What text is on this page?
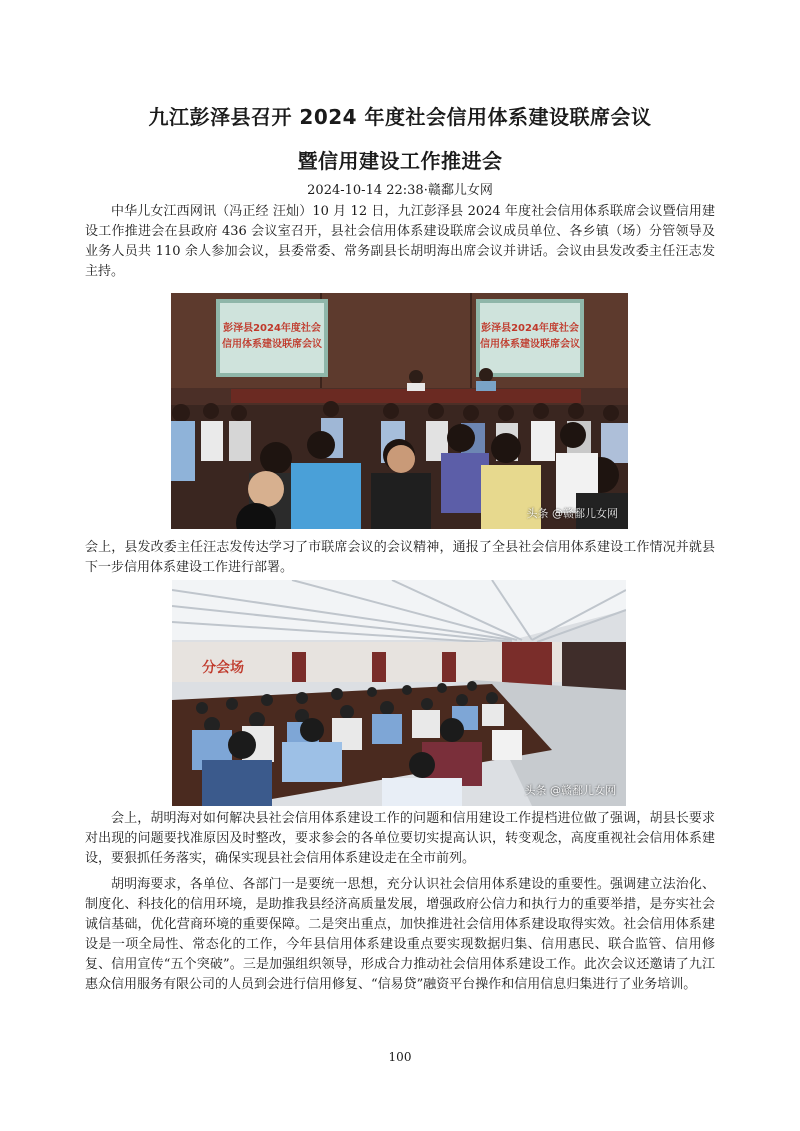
九江彭泽县召开 2024 年度社会信用体系建设联席会议
暨信用建设工作推进会
2024-10-14 22:38·赣鄱儿女网

中华儿女江西网讯（冯正经 汪灿）10 月 12 日，九江彭泽县 2024 年度社会信用体系联席会议暨信用建设工作推进会在县政府 436 会议室召开，县社会信用体系建设联席会议成员单位、各乡镇（场）分管领导及业务人员共 110 余人参加会议，县委常委、常务副县长胡明海出席会议并讲话。会议由县发改委主任汪志发主持。

彭泽县2024年度社会
信用体系建设联席会议
彭泽县2024年度社会
信用体系建设联席会议
头条 @赣鄱儿女网

会上，县发改委主任汪志发传达学习了市联席会议的会议精神，通报了全县社会信用体系建设工作情况并就县下一步信用体系建设工作进行部署。

分会场
头条 @赣鄱儿女网

会上，胡明海对如何解决县社会信用体系建设工作的问题和信用建设工作提档进位做了强调，胡县长要求对出现的问题要找准原因及时整改，要求参会的各单位要切实提高认识，转变观念，高度重视社会信用体系建设，要狠抓任务落实，确保实现县社会信用体系建设走在全市前列。

胡明海要求，各单位、各部门一是要统一思想，充分认识社会信用体系建设的重要性。强调建立法治化、制度化、科技化的信用环境，是助推我县经济高质量发展，增强政府公信力和执行力的重要举措，是夯实社会诚信基础，优化营商环境的重要保障。二是突出重点，加快推进社会信用体系建设取得实效。社会信用体系建设是一项全局性、常态化的工作，今年县信用体系建设重点要实现数据归集、信用惠民、联合监管、信用修复、信用宣传“五个突破”。三是加强组织领导，形成合力推动社会信用体系建设工作。此次会议还邀请了九江惠众信用服务有限公司的人员到会进行信用修复、“信易贷”融资平台操作和信用信息归集进行了业务培训。

100
